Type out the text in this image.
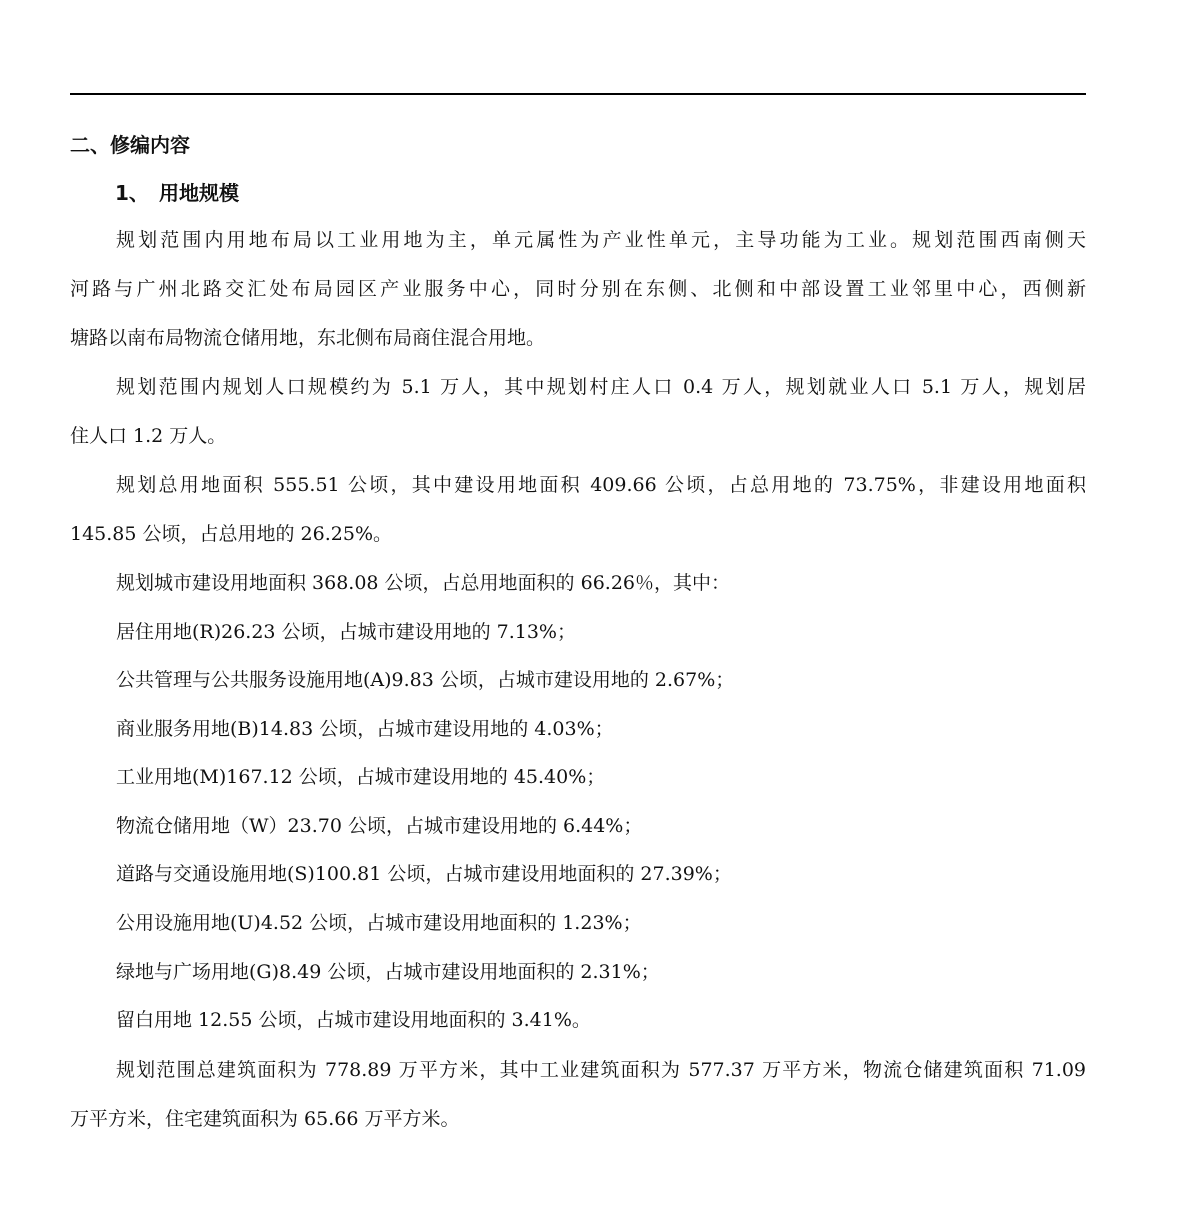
二、修编内容
1、 用地规模
规划范围内用地布局以工业用地为主，单元属性为产业性单元，主导功能为工业。规划范围西南侧天
河路与广州北路交汇处布局园区产业服务中心，同时分别在东侧、北侧和中部设置工业邻里中心，西侧新
塘路以南布局物流仓储用地，东北侧布局商住混合用地。
规划范围内规划人口规模约为 5.1 万人，其中规划村庄人口 0.4 万人，规划就业人口 5.1 万人，规划居
住人口 1.2 万人。
规划总用地面积 555.51 公顷，其中建设用地面积 409.66 公顷，占总用地的 73.75%，非建设用地面积
145.85 公顷，占总用地的 26.25%。

规划城市建设用地面积 368.08 公顷，占总用地面积的 66.26％，其中：

居住用地(R)26.23 公顷，占城市建设用地的 7.13%；

公共管理与公共服务设施用地(A)9.83 公顷，占城市建设用地的 2.67%；

商业服务用地(B)14.83 公顷，占城市建设用地的 4.03%；

工业用地(M)167.12 公顷，占城市建设用地的 45.40%；

物流仓储用地（W）23.70 公顷，占城市建设用地的 6.44%；

道路与交通设施用地(S)100.81 公顷，占城市建设用地面积的 27.39%；

公用设施用地(U)4.52 公顷，占城市建设用地面积的 1.23%；

绿地与广场用地(G)8.49 公顷，占城市建设用地面积的 2.31%；

留白用地 12.55 公顷，占城市建设用地面积的 3.41%。

规划范围总建筑面积为 778.89 万平方米，其中工业建筑面积为 577.37 万平方米，物流仓储建筑面积 71.09
万平方米，住宅建筑面积为 65.66 万平方米。
